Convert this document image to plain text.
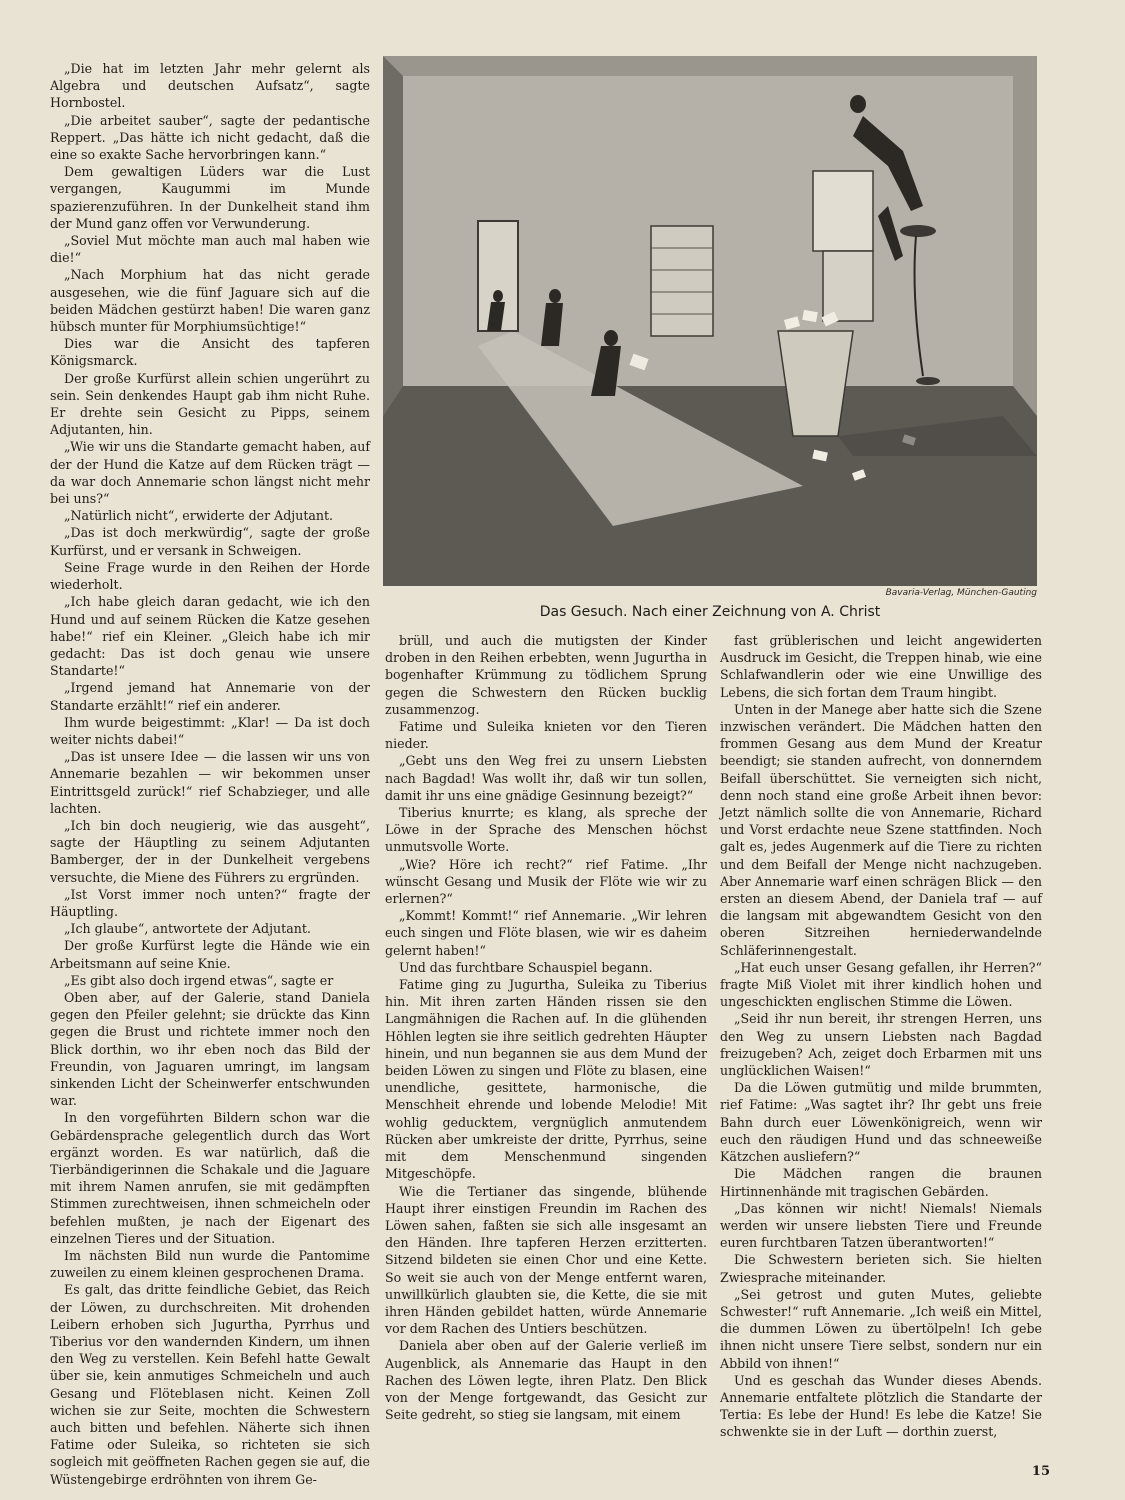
„Die hat im letzten Jahr mehr gelernt als Algebra und deutschen Aufsatz“, sagte Hornbostel.

„Die arbeitet sauber“, sagte der pedantische Reppert. „Das hätte ich nicht gedacht, daß die eine so exakte Sache hervorbringen kann.“

Dem gewaltigen Lüders war die Lust vergangen, Kaugummi im Munde spazierenzuführen. In der Dunkelheit stand ihm der Mund ganz offen vor Verwunderung.

„Soviel Mut möchte man auch mal haben wie die!“

„Nach Morphium hat das nicht gerade ausgesehen, wie die fünf Jaguare sich auf die beiden Mädchen gestürzt haben! Die waren ganz hübsch munter für Morphiumsüchtige!“

Dies war die Ansicht des tapferen Königsmarck.

Der große Kurfürst allein schien ungerührt zu sein. Sein denkendes Haupt gab ihm nicht Ruhe. Er drehte sein Gesicht zu Pipps, seinem Adjutanten, hin.

„Wie wir uns die Standarte gemacht haben, auf der der Hund die Katze auf dem Rücken trägt — da war doch Annemarie schon längst nicht mehr bei uns?“

„Natürlich nicht“, erwiderte der Adjutant.

„Das ist doch merkwürdig“, sagte der große Kurfürst, und er versank in Schweigen.

Seine Frage wurde in den Reihen der Horde wiederholt.

„Ich habe gleich daran gedacht, wie ich den Hund und auf seinem Rücken die Katze gesehen habe!“ rief ein Kleiner. „Gleich habe ich mir gedacht: Das ist doch genau wie unsere Standarte!“

„Irgend jemand hat Annemarie von der Standarte erzählt!“ rief ein anderer.

Ihm wurde beigestimmt: „Klar! — Da ist doch weiter nichts dabei!“

„Das ist unsere Idee — die lassen wir uns von Annemarie bezahlen — wir bekommen unser Eintrittsgeld zurück!“ rief Schabzieger, und alle lachten.

„Ich bin doch neugierig, wie das ausgeht“, sagte der Häuptling zu seinem Adjutanten Bamberger, der in der Dunkelheit vergebens versuchte, die Miene des Führers zu ergründen.

„Ist Vorst immer noch unten?“ fragte der Häuptling.

„Ich glaube“, antwortete der Adjutant.

Der große Kurfürst legte die Hände wie ein Arbeitsmann auf seine Knie.

„Es gibt also doch irgend etwas“, sagte er

Oben aber, auf der Galerie, stand Daniela gegen den Pfeiler gelehnt; sie drückte das Kinn gegen die Brust und richtete immer noch den Blick dorthin, wo ihr eben noch das Bild der Freundin, von Jaguaren umringt, im langsam sinkenden Licht der Scheinwerfer entschwunden war.

In den vorgeführten Bildern schon war die Gebärdensprache gelegentlich durch das Wort ergänzt worden. Es war natürlich, daß die Tierbändigerinnen die Schakale und die Jaguare mit ihrem Namen anrufen, sie mit gedämpften Stimmen zurechtweisen, ihnen schmeicheln oder befehlen mußten, je nach der Eigenart des einzelnen Tieres und der Situation.

Im nächsten Bild nun wurde die Pantomime zuweilen zu einem kleinen gesprochenen Drama.

Es galt, das dritte feindliche Gebiet, das Reich der Löwen, zu durchschreiten. Mit drohenden Leibern erhoben sich Jugurtha, Pyrrhus und Tiberius vor den wandernden Kindern, um ihnen den Weg zu verstellen. Kein Befehl hatte Gewalt über sie, kein anmutiges Schmeicheln und auch Gesang und Flöteblasen nicht. Keinen Zoll wichen sie zur Seite, mochten die Schwestern auch bitten und befehlen. Näherte sich ihnen Fatime oder Suleika, so richteten sie sich sogleich mit geöffneten Rachen gegen sie auf, die Wüstengebirge erdröhnten von ihrem Ge-

Bavaria-Verlag, München-Gauting
Das Gesuch. Nach einer Zeichnung von A. Christ

brüll, und auch die mutigsten der Kinder droben in den Reihen erbebten, wenn Jugurtha in bogenhafter Krümmung zu tödlichem Sprung gegen die Schwestern den Rücken bucklig zusammenzog.

Fatime und Suleika knieten vor den Tieren nieder.

„Gebt uns den Weg frei zu unsern Liebsten nach Bagdad! Was wollt ihr, daß wir tun sollen, damit ihr uns eine gnädige Gesinnung bezeigt?“

Tiberius knurrte; es klang, als spreche der Löwe in der Sprache des Menschen höchst unmutsvolle Worte.

„Wie? Höre ich recht?“ rief Fatime. „Ihr wünscht Gesang und Musik der Flöte wie wir zu erlernen?“

„Kommt! Kommt!“ rief Annemarie. „Wir lehren euch singen und Flöte blasen, wie wir es daheim gelernt haben!“

Und das furchtbare Schauspiel begann.

Fatime ging zu Jugurtha, Suleika zu Tiberius hin. Mit ihren zarten Händen rissen sie den Langmähnigen die Rachen auf. In die glühenden Höhlen legten sie ihre seitlich gedrehten Häupter hinein, und nun begannen sie aus dem Mund der beiden Löwen zu singen und Flöte zu blasen, eine unendliche, gesittete, harmonische, die Menschheit ehrende und lobende Melodie! Mit wohlig geducktem, vergnüglich anmutendem Rücken aber umkreiste der dritte, Pyrrhus, seine mit dem Menschenmund singenden Mitgeschöpfe.

Wie die Tertianer das singende, blühende Haupt ihrer einstigen Freundin im Rachen des Löwen sahen, faßten sie sich alle insgesamt an den Händen. Ihre tapferen Herzen erzitterten. Sitzend bildeten sie einen Chor und eine Kette. So weit sie auch von der Menge entfernt waren, unwillkürlich glaubten sie, die Kette, die sie mit ihren Händen gebildet hatten, würde Annemarie vor dem Rachen des Untiers beschützen.

Daniela aber oben auf der Galerie verließ im Augenblick, als Annemarie das Haupt in den Rachen des Löwen legte, ihren Platz. Den Blick von der Menge fortgewandt, das Gesicht zur Seite gedreht, so stieg sie langsam, mit einem

fast grüblerischen und leicht angewiderten Ausdruck im Gesicht, die Treppen hinab, wie eine Schlafwandlerin oder wie eine Unwillige des Lebens, die sich fortan dem Traum hingibt.

Unten in der Manege aber hatte sich die Szene inzwischen verändert. Die Mädchen hatten den frommen Gesang aus dem Mund der Kreatur beendigt; sie standen aufrecht, von donnerndem Beifall überschüttet. Sie verneigten sich nicht, denn noch stand eine große Arbeit ihnen bevor: Jetzt nämlich sollte die von Annemarie, Richard und Vorst erdachte neue Szene stattfinden. Noch galt es, jedes Augenmerk auf die Tiere zu richten und dem Beifall der Menge nicht nachzugeben. Aber Annemarie warf einen schrägen Blick — den ersten an diesem Abend, der Daniela traf — auf die langsam mit abgewandtem Gesicht von den oberen Sitzreihen herniederwandelnde Schläferinnengestalt.

„Hat euch unser Gesang gefallen, ihr Herren?“ fragte Miß Violet mit ihrer kindlich hohen und ungeschickten englischen Stimme die Löwen.

„Seid ihr nun bereit, ihr strengen Herren, uns den Weg zu unsern Liebsten nach Bagdad freizugeben? Ach, zeiget doch Erbarmen mit uns unglücklichen Waisen!“

Da die Löwen gutmütig und milde brummten, rief Fatime: „Was sagtet ihr? Ihr gebt uns freie Bahn durch euer Löwenkönigreich, wenn wir euch den räudigen Hund und das schneeweiße Kätzchen ausliefern?“

Die Mädchen rangen die braunen Hirtinnenhände mit tragischen Gebärden.

„Das können wir nicht! Niemals! Niemals werden wir unsere liebsten Tiere und Freunde euren furchtbaren Tatzen überantworten!“

Die Schwestern berieten sich. Sie hielten Zwiesprache miteinander.

„Sei getrost und guten Mutes, geliebte Schwester!“ ruft Annemarie. „Ich weiß ein Mittel, die dummen Löwen zu übertölpeln! Ich gebe ihnen nicht unsere Tiere selbst, sondern nur ein Abbild von ihnen!“

Und es geschah das Wunder dieses Abends. Annemarie entfaltete plötzlich die Standarte der Tertia: Es lebe der Hund! Es lebe die Katze! Sie schwenkte sie in der Luft — dorthin zuerst,

15
